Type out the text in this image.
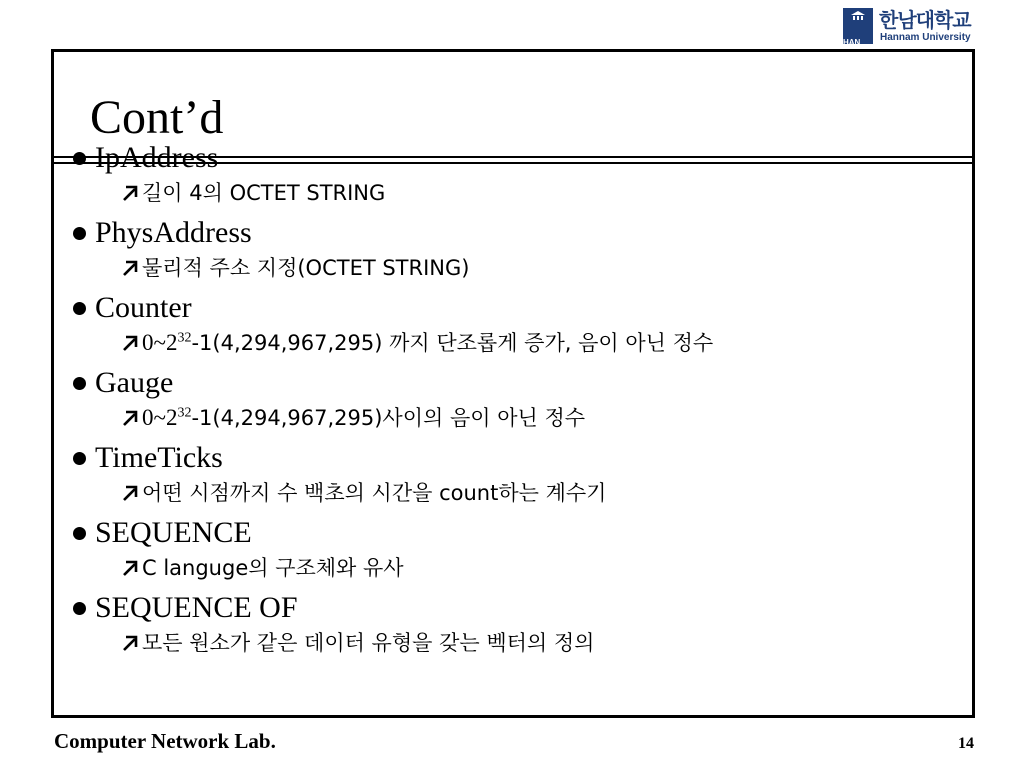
HAN
NAM
한남대학교
Hannam University
Cont’d
IpAddress
길이 4의 OCTET STRING
PhysAddress
물리적 주소 지정(OCTET STRING)
Counter
$0\sim 2^{32}-1(4,294,967,295)$ 까지 단조롭게 증가, 음이 아닌 정수
Gauge
$0\sim 2^{32}-1(4,294,967,295)$사이의 음이 아닌 정수
TimeTicks
어떤 시점까지 수 백초의 시간을 count하는 계수기
SEQUENCE
C languge의 구조체와 유사
SEQUENCE OF
모든 원소가 같은 데이터 유형을 갖는 벡터의 정의
Computer Network Lab.	14
